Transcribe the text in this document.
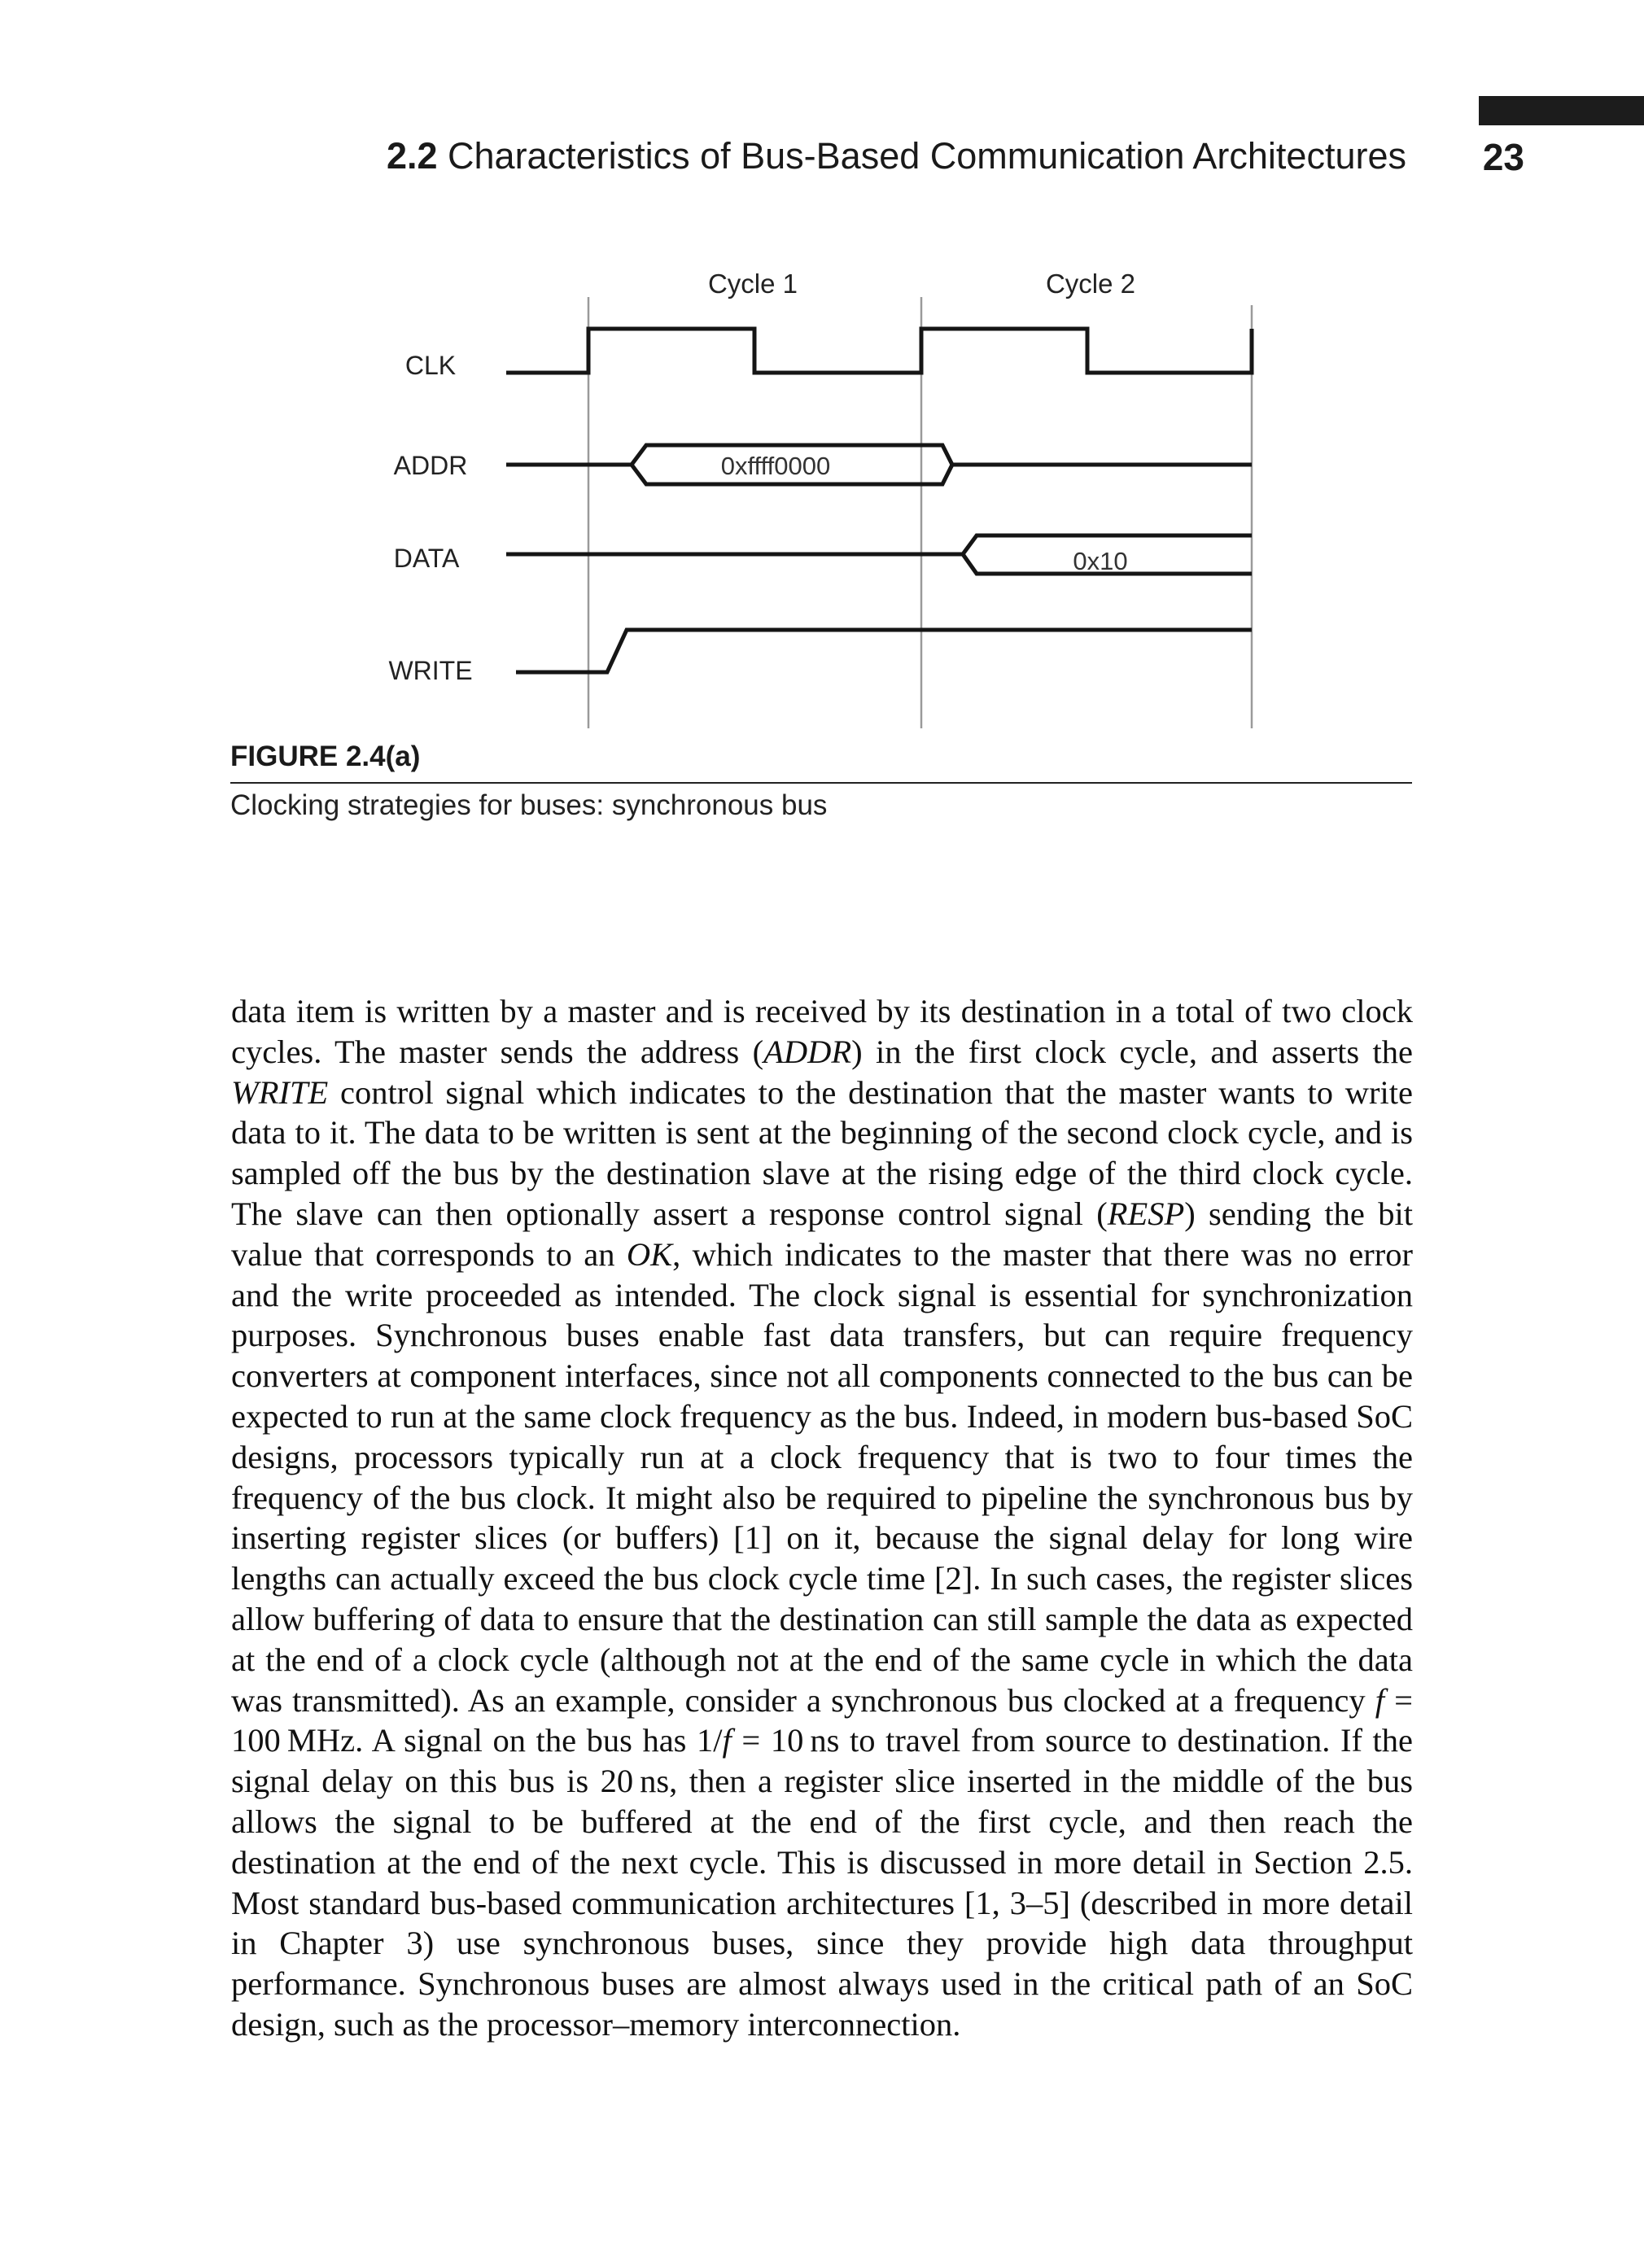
2.2 Characteristics of Bus-Based Communication Architectures 23
Cycle 1	Cycle 2
CLK
ADDR
DATA
WRITE
0xffff0000
0x10
FIGURE 2.4(a)
Clocking strategies for buses: synchronous bus
data item is written by a master and is received by its destination in a total of two clock cycles. The master sends the address (ADDR) in the first clock cycle, and asserts the WRITE control signal which indicates to the destination that the master wants to write data to it. The data to be written is sent at the beginning of the second clock cycle, and is sampled off the bus by the destination slave at the rising edge of the third clock cycle. The slave can then optionally assert a response control signal (RESP) sending the bit value that corresponds to an OK, which indicates to the master that there was no error and the write proceeded as intended. The clock signal is essential for synchronization purposes. Synchronous buses enable fast data transfers, but can require frequency converters at component interfaces, since not all components connected to the bus can be expected to run at the same clock frequency as the bus. Indeed, in modern bus-based SoC designs, processors typically run at a clock frequency that is two to four times the frequency of the bus clock. It might also be required to pipeline the synchronous bus by inserting register slices (or buffers) [1] on it, because the signal delay for long wire lengths can actually exceed the bus clock cycle time [2]. In such cases, the register slices allow buffering of data to ensure that the destination can still sample the data as expected at the end of a clock cycle (although not at the end of the same cycle in which the data was transmitted). As an example, consider a synchronous bus clocked at a frequency f = 100 MHz. A signal on the bus has 1/f = 10 ns to travel from source to destination. If the signal delay on this bus is 20 ns, then a register slice inserted in the middle of the bus allows the signal to be buffered at the end of the first cycle, and then reach the destination at the end of the next cycle. This is discussed in more detail in Section 2.5. Most standard bus-based communication architectures [1, 3–5] (described in more detail in Chapter 3) use synchronous buses, since they provide high data throughput performance. Synchronous buses are almost always used in the critical path of an SoC design, such as the processor–memory interconnection.
